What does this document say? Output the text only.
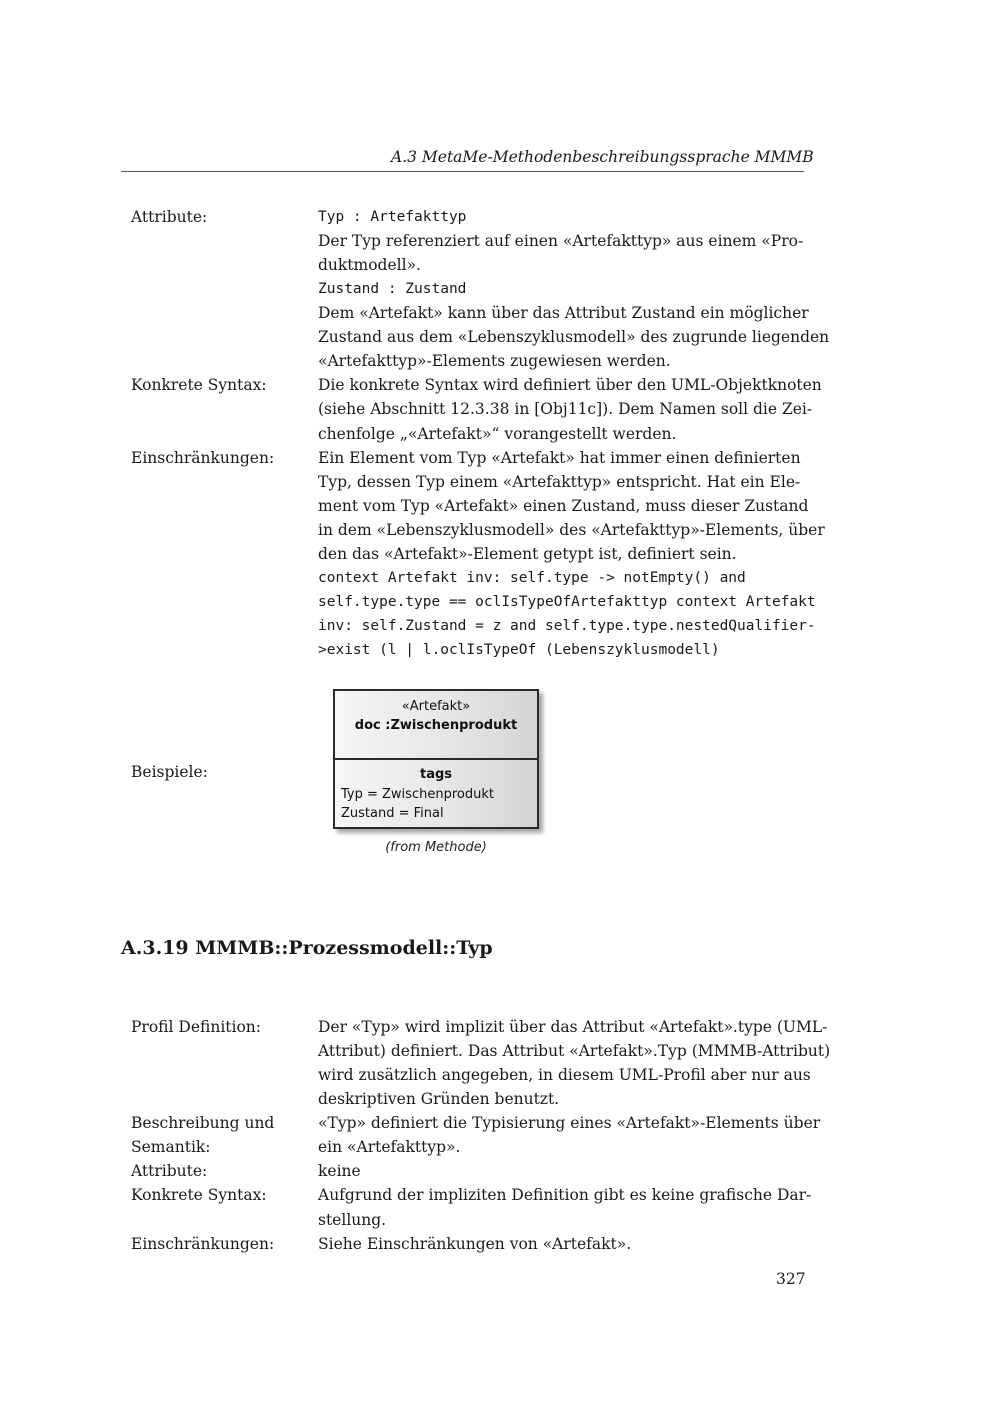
A.3 MetaMe-Methodenbeschreibungssprache MMMB
Attribute:
Konkrete Syntax:
Einschränkungen:
Beispiele:
Typ : Artefakttyp
Der Typ referenziert auf einen «Artefakttyp» aus einem «Pro-
duktmodell».
Zustand : Zustand
Dem «Artefakt» kann über das Attribut Zustand ein möglicher
Zustand aus dem «Lebenszyklusmodell» des zugrunde liegenden
«Artefakttyp»-Elements zugewiesen werden.
Die konkrete Syntax wird definiert über den UML-Objektknoten
(siehe Abschnitt 12.3.38 in [Obj11c]). Dem Namen soll die Zei-
chenfolge „«Artefakt»“ vorangestellt werden.
Ein Element vom Typ «Artefakt» hat immer einen definierten
Typ, dessen Typ einem «Artefakttyp» entspricht. Hat ein Ele-
ment vom Typ «Artefakt» einen Zustand, muss dieser Zustand
in dem «Lebenszyklusmodell» des «Artefakttyp»-Elements, über
den das «Artefakt»-Element getypt ist, definiert sein.
context Artefakt inv: self.type -> notEmpty() and
self.type.type == oclIsTypeOfArtefakttyp context Artefakt
inv: self.Zustand = z and self.type.type.nestedQualifier-
>exist (l | l.oclIsTypeOf (Lebenszyklusmodell)
«Artefakt»
doc :Zwischenprodukt
tags
Typ = Zwischenprodukt
Zustand = Final
(from Methode)
A.3.19 MMMB::Prozessmodell::Typ
Profil Definition:
Beschreibung und
Semantik:
Attribute:
Konkrete Syntax:
Einschränkungen:
Der «Typ» wird implizit über das Attribut «Artefakt».type (UML-
Attribut) definiert. Das Attribut «Artefakt».Typ (MMMB-Attribut)
wird zusätzlich angegeben, in diesem UML-Profil aber nur aus
deskriptiven Gründen benutzt.
«Typ» definiert die Typisierung eines «Artefakt»-Elements über
ein «Artefakttyp».
keine
Aufgrund der impliziten Definition gibt es keine grafische Dar-
stellung.
Siehe Einschränkungen von «Artefakt».
327
